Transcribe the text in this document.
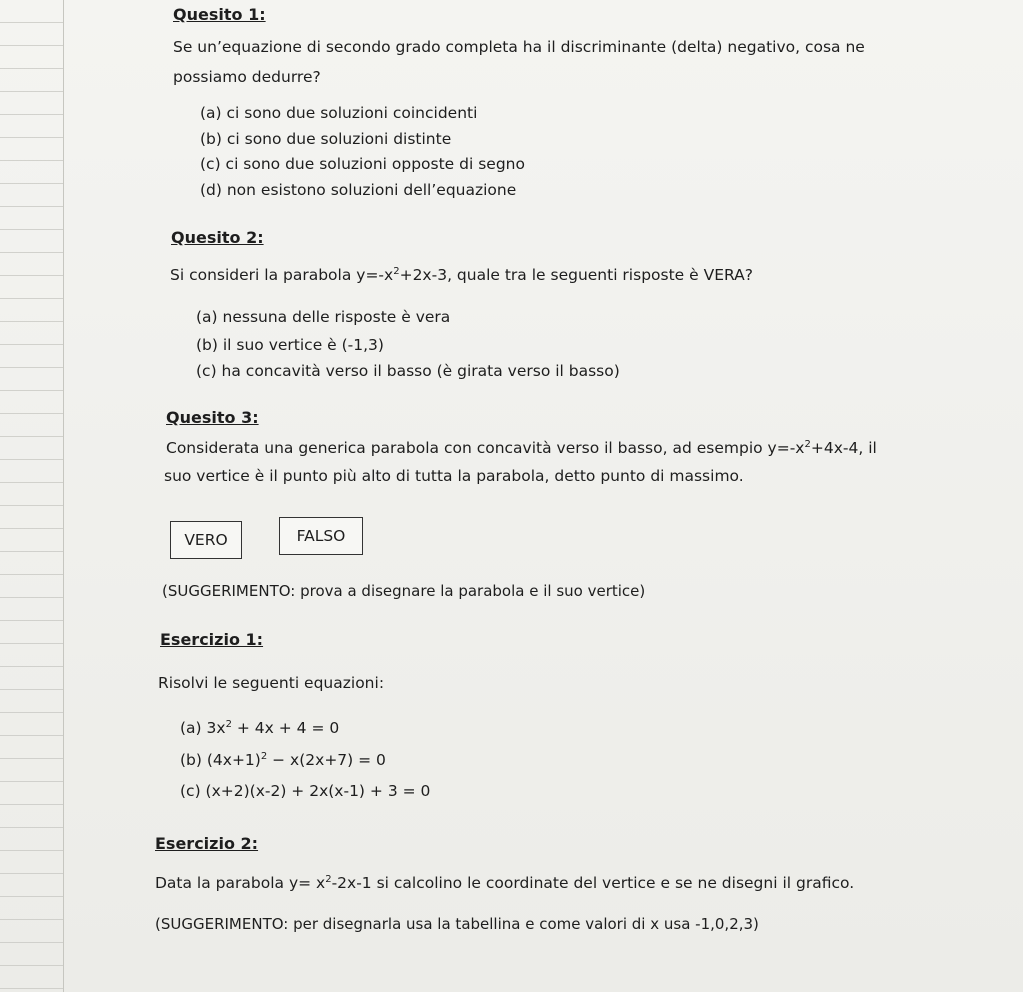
Quesito 1:
Se un’equazione di secondo grado completa ha il discriminante (delta) negativo, cosa ne
possiamo dedurre?
(a) ci sono due soluzioni coincidenti
(b) ci sono due soluzioni distinte
(c) ci sono due soluzioni opposte di segno
(d) non esistono soluzioni dell’equazione
Quesito 2:
Si consideri la parabola $y=-x^2+2x-3$, quale tra le seguenti risposte è VERA?
(a) nessuna delle risposte è vera
(b) il suo vertice è (-1,3)
(c) ha concavità verso il basso (è girata verso il basso)
Quesito 3:
Considerata una generica parabola con concavità verso il basso, ad esempio $y=-x^2+4x-4$, il
suo vertice è il punto più alto di tutta la parabola, detto punto di massimo.
VERO	FALSO
(SUGGERIMENTO: prova a disegnare la parabola e il suo vertice)
Esercizio 1:
Risolvi le seguenti equazioni:
(a) $3x^2 + 4x + 4 = 0$
(b) $(4x+1)^2 - x(2x+7) = 0$
(c) (x+2)(x-2) + 2x(x-1) + 3 = 0
Esercizio 2:
Data la parabola $y= x^2-2x-1$ si calcolino le coordinate del vertice e se ne disegni il grafico.
(SUGGERIMENTO: per disegnarla usa la tabellina e come valori di x usa -1,0,2,3)
